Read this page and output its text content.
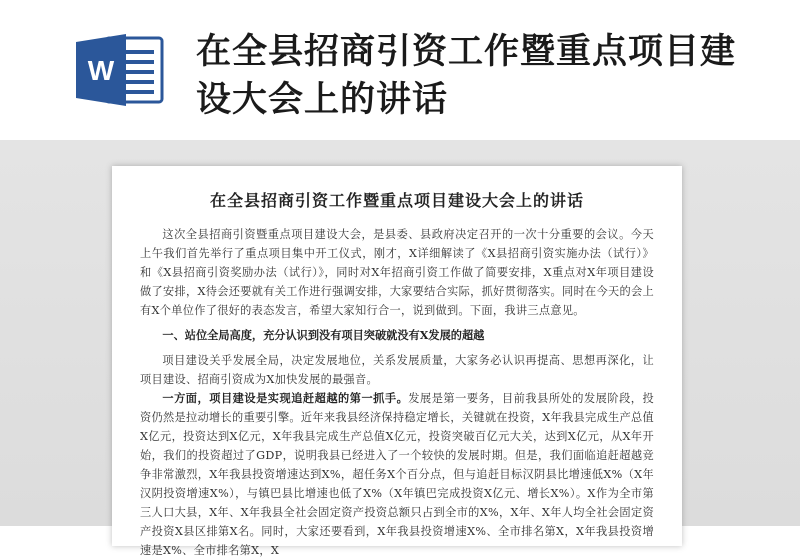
W 在全县招商引资工作暨重点项目建设大会上的讲话
在全县招商引资工作暨重点项目建设大会上的讲话

这次全县招商引资暨重点项目建设大会，是县委、县政府决定召开的一次十分重要的会议。今天上午我们首先举行了重点项目集中开工仪式，刚才，X详细解读了《X县招商引资实施办法（试行）》和《X县招商引资奖励办法（试行）》，同时对X年招商引资工作做了简要安排，X重点对X年项目建设做了安排，X待会还要就有关工作进行强调安排，大家要结合实际，抓好贯彻落实。同时在今天的会上有X个单位作了很好的表态发言，希望大家知行合一，说到做到。下面，我讲三点意见。

一、站位全局高度，充分认识到没有项目突破就没有X发展的超越

项目建设关乎发展全局，决定发展地位，关系发展质量，大家务必认识再提高、思想再深化，让项目建设、招商引资成为X加快发展的最强音。

一方面，项目建设是实现追赶超越的第一抓手。发展是第一要务，目前我县所处的发展阶段，投资仍然是拉动增长的重要引擎。近年来我县经济保持稳定增长，关键就在投资，X年我县完成生产总值X亿元，投资达到X亿元，X年我县完成生产总值X亿元，投资突破百亿元大关，达到X亿元，从X年开始，我们的投资超过了GDP，说明我县已经进入了一个较快的发展时期。但是，我们面临追赶超越竞争非常激烈，X年我县投资增速达到X%，超任务X个百分点，但与追赶目标汉阴县比增速低X%（X年汉阴投资增速X%），与镇巴县比增速也低了X%（X年镇巴完成投资X亿元、增长X%）。X作为全市第三人口大县，X年、X年我县全社会固定资产投资总额只占到全市的X%，X年、X年人均全社会固定资产投资X县区排第X名。同时，大家还要看到，X年我县投资增速X%、全市排名第X，X年我县投资增速是X%、全市排名第X，X
